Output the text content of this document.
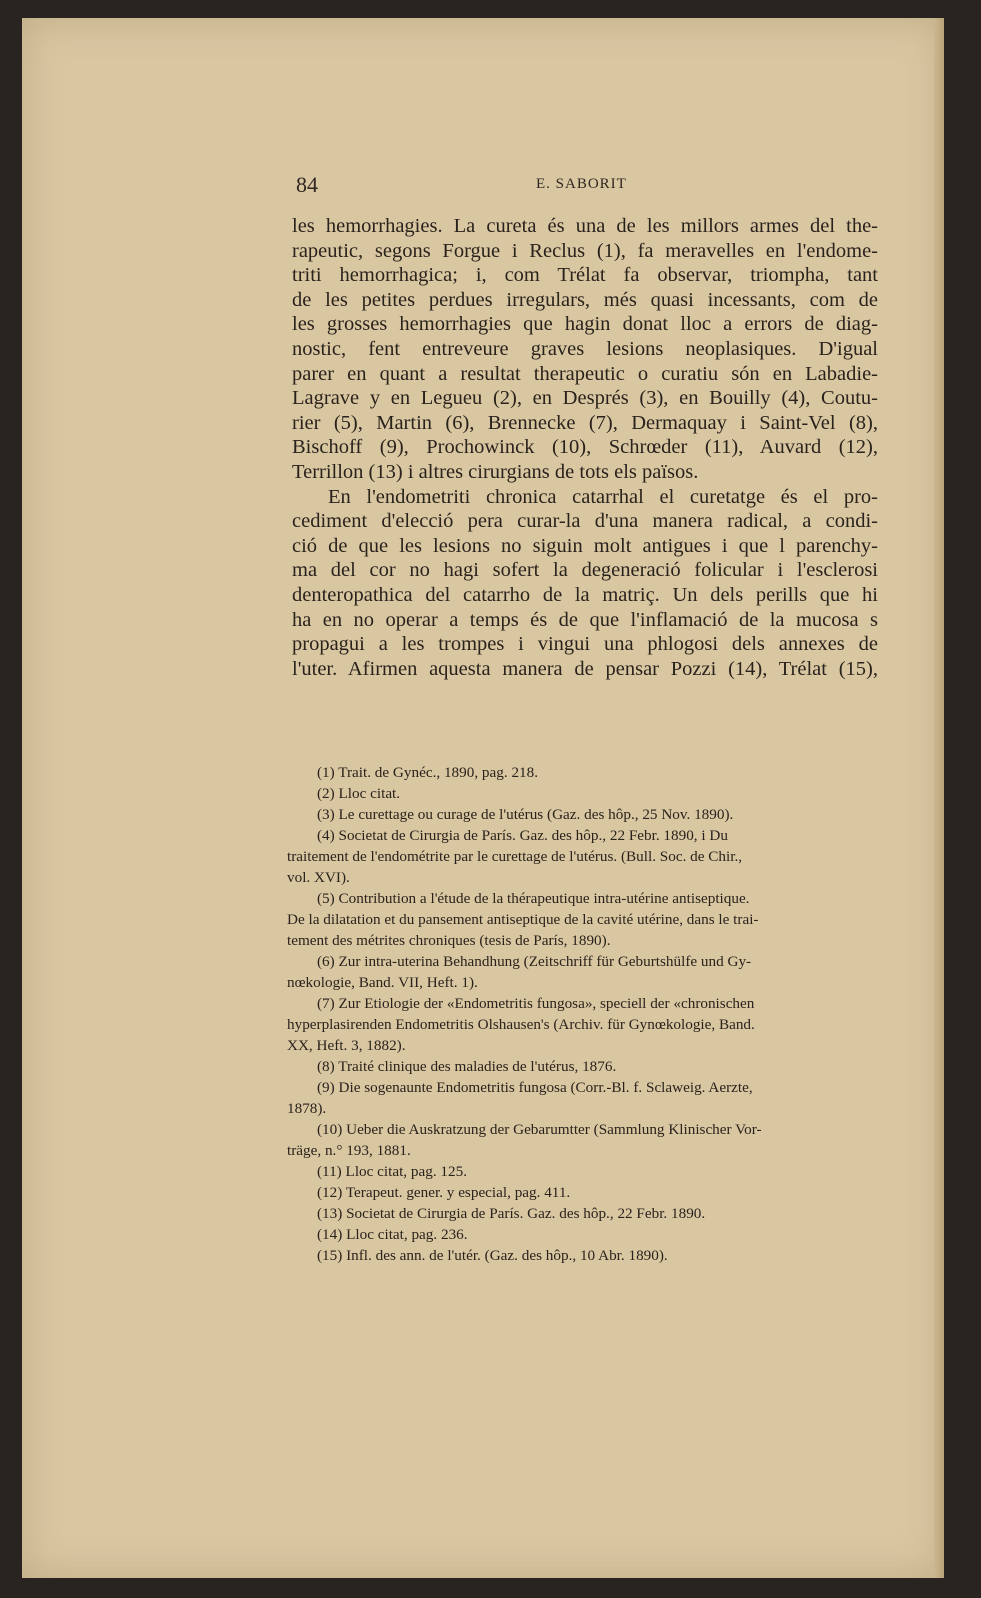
84	E. SABORIT
les hemorrhagies. La cureta és una de les millors armes del the-
rapeutic, segons Forgue i Reclus (1), fa meravelles en l'endome-
triti hemorrhagica; i, com Trélat fa observar, triompha, tant
de les petites perdues irregulars, més quasi incessants, com de
les grosses hemorrhagies que hagin donat lloc a errors de diag-
nostic, fent entreveure graves lesions neoplasiques. D'igual
parer en quant a resultat therapeutic o curatiu són en Labadie-
Lagrave y en Legueu (2), en Després (3), en Bouilly (4), Coutu-
rier (5), Martin (6), Brennecke (7), Dermaquay i Saint-Vel (8),
Bischoff (9), Prochowinck (10), Schrœder (11), Auvard (12),
Terrillon (13) i altres cirurgians de tots els països.
En l'endometriti chronica catarrhal el curetatge és el pro-
cediment d'elecció pera curar-la d'una manera radical, a condi-
ció de que les lesions no siguin molt antigues i que l parenchy-
ma del cor no hagi sofert la degeneració folicular i l'esclerosi
denteropathica del catarrho de la matriç. Un dels perills que hi
ha en no operar a temps és de que l'inflamació de la mucosa s
propagui a les trompes i vingui una phlogosi dels annexes de
l'uter. Afirmen aquesta manera de pensar Pozzi (14), Trélat (15),
(1) Trait. de Gynéc., 1890, pag. 218.
(2) Lloc citat.
(3) Le curettage ou curage de l'utérus (Gaz. des hôp., 25 Nov. 1890).
(4) Societat de Cirurgia de París. Gaz. des hôp., 22 Febr. 1890, i Du
traitement de l'endométrite par le curettage de l'utérus. (Bull. Soc. de Chir.,
vol. XVI).
(5) Contribution a l'étude de la thérapeutique intra-utérine antiseptique.
De la dilatation et du pansement antiseptique de la cavité utérine, dans le trai-
tement des métrites chroniques (tesis de París, 1890).
(6) Zur intra-uterina Behandhung (Zeitschriff für Geburtshülfe und Gy-
nœkologie, Band. VII, Heft. 1).
(7) Zur Etiologie der «Endometritis fungosa», speciell der «chronischen
hyperplasirenden Endometritis Olshausen's (Archiv. für Gynœkologie, Band.
XX, Heft. 3, 1882).
(8) Traité clinique des maladies de l'utérus, 1876.
(9) Die sogenaunte Endometritis fungosa (Corr.-Bl. f. Sclaweig. Aerzte,
1878).
(10) Ueber die Auskratzung der Gebarumtter (Sammlung Klinischer Vor-
träge, n.° 193, 1881.
(11) Lloc citat, pag. 125.
(12) Terapeut. gener. y especial, pag. 411.
(13) Societat de Cirurgia de París. Gaz. des hôp., 22 Febr. 1890.
(14) Lloc citat, pag. 236.
(15) Infl. des ann. de l'utér. (Gaz. des hôp., 10 Abr. 1890).
